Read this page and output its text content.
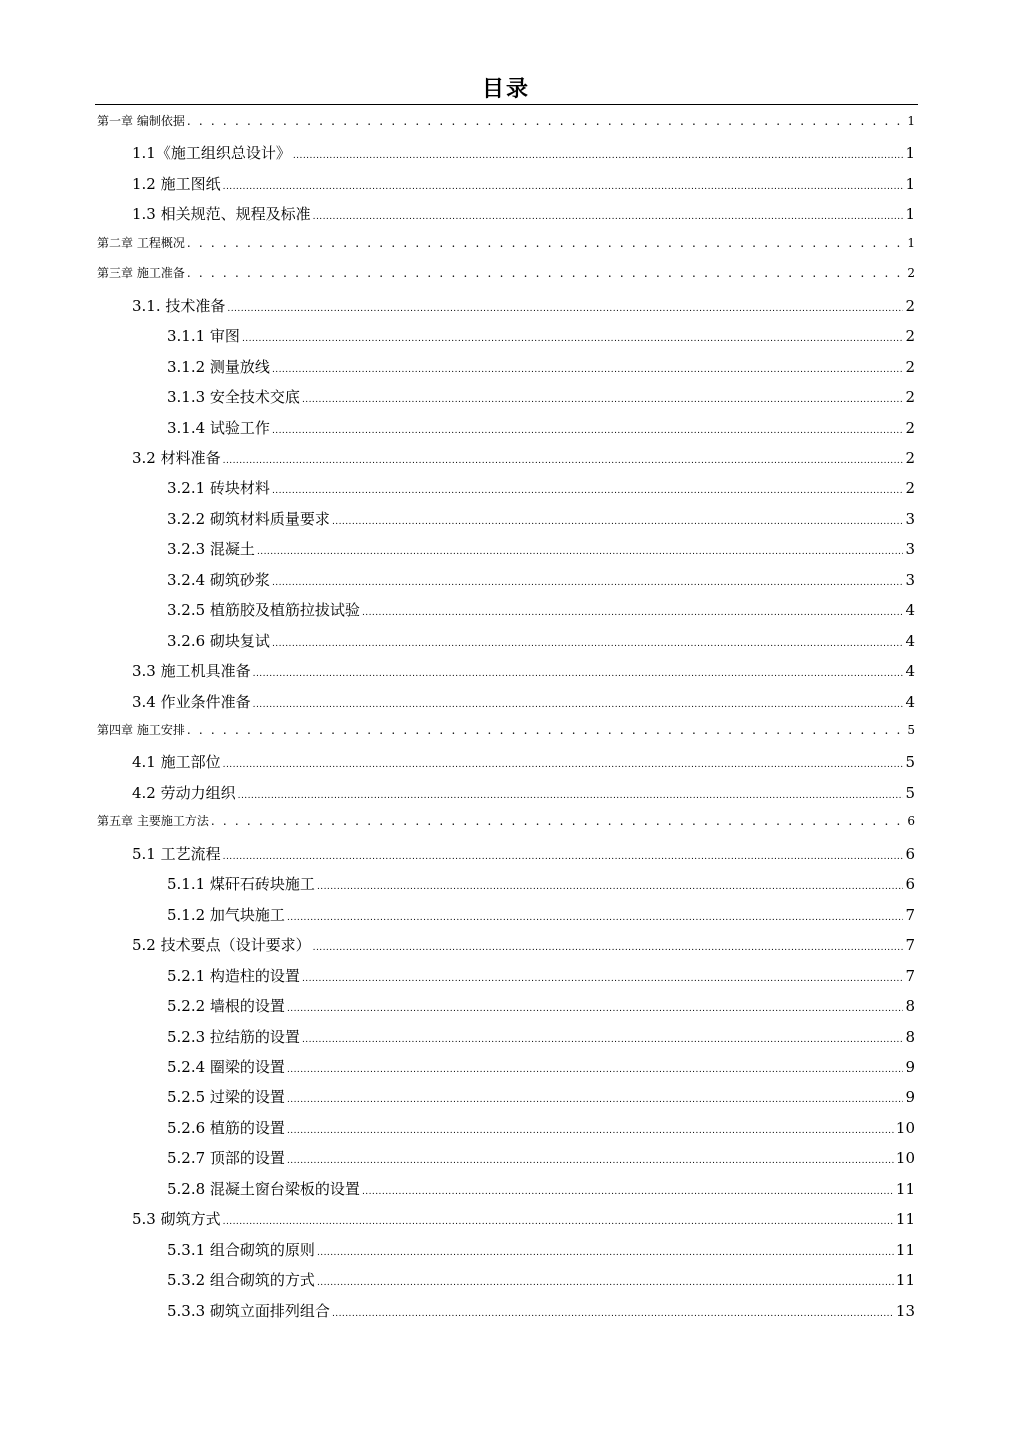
目录
第一章 编制依据 . . .	1
1.1《施工组织总设计》 . . .	1
1.2 施工图纸 . . .	1
1.3 相关规范、规程及标准 . . .	1
第二章 工程概况 . . .	1
第三章 施工准备 . . .	2
3.1. 技术准备 . . .	2
3.1.1 审图 . . .	2
3.1.2 测量放线 . . .	2
3.1.3 安全技术交底 . . .	2
3.1.4 试验工作 . . .	2
3.2 材料准备 . . .	2
3.2.1 砖块材料 . . .	2
3.2.2 砌筑材料质量要求 . . .	3
3.2.3 混凝土 . . .	3
3.2.4 砌筑砂浆 . . .	3
3.2.5 植筋胶及植筋拉拔试验 . . .	4
3.2.6 砌块复试 . . .	4
3.3 施工机具准备 . . .	4
3.4 作业条件准备 . . .	4
第四章 施工安排 . . .	5
4.1 施工部位 . . .	5
4.2 劳动力组织 . . .	5
第五章 主要施工方法 . . .	6
5.1 工艺流程 . . .	6
5.1.1 煤矸石砖块施工 . . .	6
5.1.2 加气块施工 . . .	7
5.2 技术要点（设计要求） . . .	7
5.2.1 构造柱的设置 . . .	7
5.2.2 墙根的设置 . . .	8
5.2.3 拉结筋的设置 . . .	8
5.2.4 圈梁的设置 . . .	9
5.2.5 过梁的设置 . . .	9
5.2.6 植筋的设置 . . .	10
5.2.7 顶部的设置 . . .	10
5.2.8 混凝土窗台梁板的设置 . . .	11
5.3 砌筑方式 . . .	11
5.3.1 组合砌筑的原则 . . .	11
5.3.2 组合砌筑的方式 . . .	11
5.3.3 砌筑立面排列组合 . . .	13
